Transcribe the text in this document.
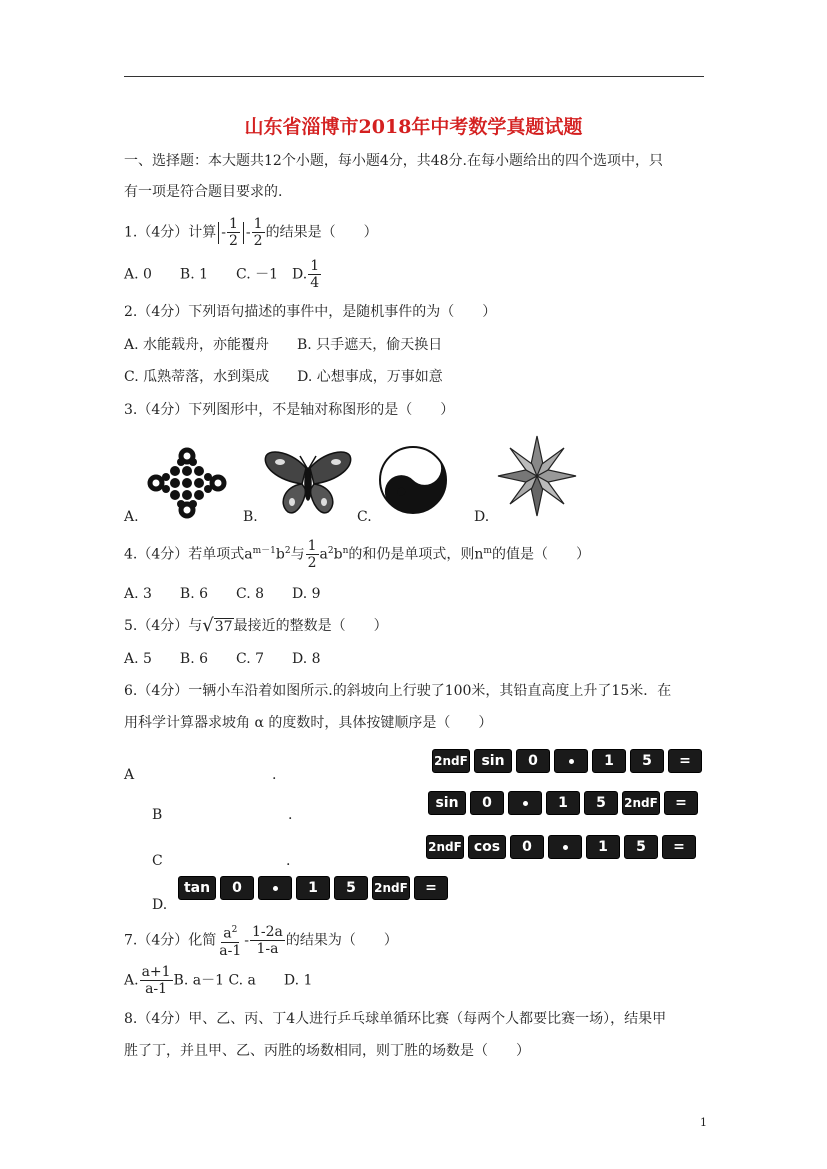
山东省淄博市2018年中考数学真题试题
一、选择题：本大题共12个小题，每小题4分，共48分.在每小题给出的四个选项中，只
有一项是符合题目要求的.
1.（4分）计算 - $\frac{1}{2} - \frac{1}{2}$ 的结果是（　　）
A. 0　　B. 1　　C. －1　D. $\frac{1}{4}$
2.（4分）下列语句描述的事件中，是随机事件的为（　　）
A. 水能载舟，亦能覆舟　　B. 只手遮天，偷天换日
C. 瓜熟蒂落，水到渠成　　D. 心想事成，万事如意
3.（4分）下列图形中，不是轴对称图形的是（　　）
A.	B.	C.	D.
4.（4分）若单项式$a^{m-1}b^2$与 $\frac{1}{2} a^2b^n$的和仍是单项式，则$n^m$的值是（　　）
A. 3　　B. 6　　C. 8　　D. 9
5.（4分）与 √ 37 最接近的整数是（　　）
A. 5　　B. 6　　C. 7　　D. 8
6.（4分）一辆小车沿着如图所示.的斜坡向上行驶了100米，其铅直高度上升了15米．在
用科学计算器求坡角 α 的度数时，具体按键顺序是（　　）
A	.
2ndF sin	0	1	5	=
B	.
sin	0	1	5	2ndF	=
C	.
2ndF cos	0	1	5	=
tan	0	1	5	2ndF	=
D.
7.（4分）化简 $\frac{a^2}{a-1} - \frac{1-2a}{1-a}$ 的结果为（　　）
A. $\frac{a+1}{a-1} B$. a－1 C. a　　D. 1
8.（4分）甲、乙、丙、丁4人进行乒乓球单循环比赛（每两个人都要比赛一场），结果甲
胜了丁，并且甲、乙、丙胜的场数相同，则丁胜的场数是（　　）
1
